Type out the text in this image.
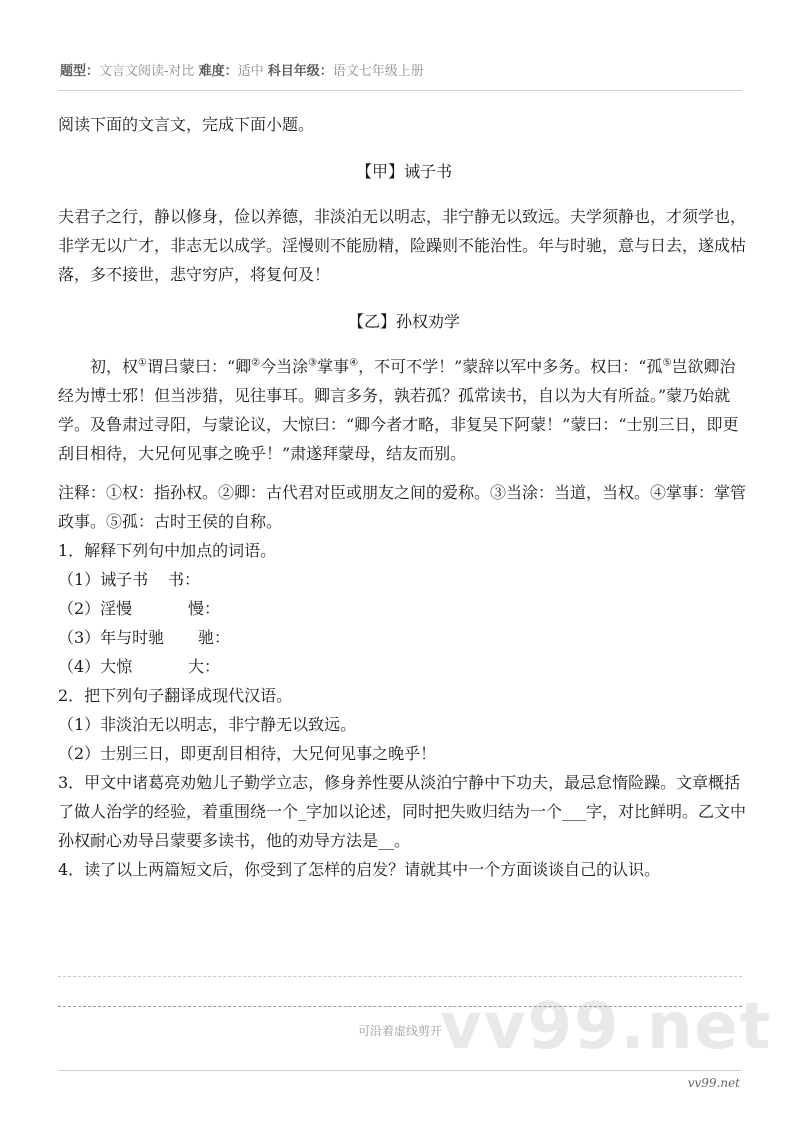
题型：文言文阅读-对比 难度：适中 科目年级：语文七年级上册

阅读下面的文言文，完成下面小题。

【甲】诫子书

夫君子之行，静以修身，俭以养德，非淡泊无以明志，非宁静无以致远。夫学须静也，才须学也，非学无以广才，非志无以成学。淫慢则不能励精，险躁则不能治性。年与时驰，意与日去，遂成枯落，多不接世，悲守穷庐，将复何及！

【乙】孙权劝学

初，权①谓吕蒙曰：“卿②今当涂③掌事④，不可不学！”蒙辞以军中多务。权曰：“孤⑤岂欲卿治经为博士邪！但当涉猎，见往事耳。卿言多务，孰若孤？孤常读书，自以为大有所益。”蒙乃始就学。及鲁肃过寻阳，与蒙论议，大惊曰：“卿今者才略，非复吴下阿蒙！”蒙曰：“士别三日，即更刮目相待，大兄何见事之晚乎！”肃遂拜蒙母，结友而别。

注释：①权：指孙权。②卿：古代君对臣或朋友之间的爱称。③当涂：当道，当权。④掌事：掌管政事。⑤孤：古时王侯的自称。

1．解释下列句中加点的词语。

（1）诫子书 书：

（2）淫慢	慢：

（3）年与时驰 驰：

（4）大惊	大：

2．把下列句子翻译成现代汉语。

（1）非淡泊无以明志，非宁静无以致远。

（2）士别三日，即更刮目相待，大兄何见事之晚乎！

3．甲文中诸葛亮劝勉儿子勤学立志，修身养性要从淡泊宁静中下功夫，最忌怠惰险躁。文章概括了做人治学的经验，着重围绕一个_字加以论述，同时把失败归结为一个___字，对比鲜明。乙文中孙权耐心劝导吕蒙要多读书，他的劝导方法是__。

4．读了以上两篇短文后，你受到了怎样的启发？请就其中一个方面谈谈自己的认识。

vv99.net
可沿着虚线剪开
vv99.net
